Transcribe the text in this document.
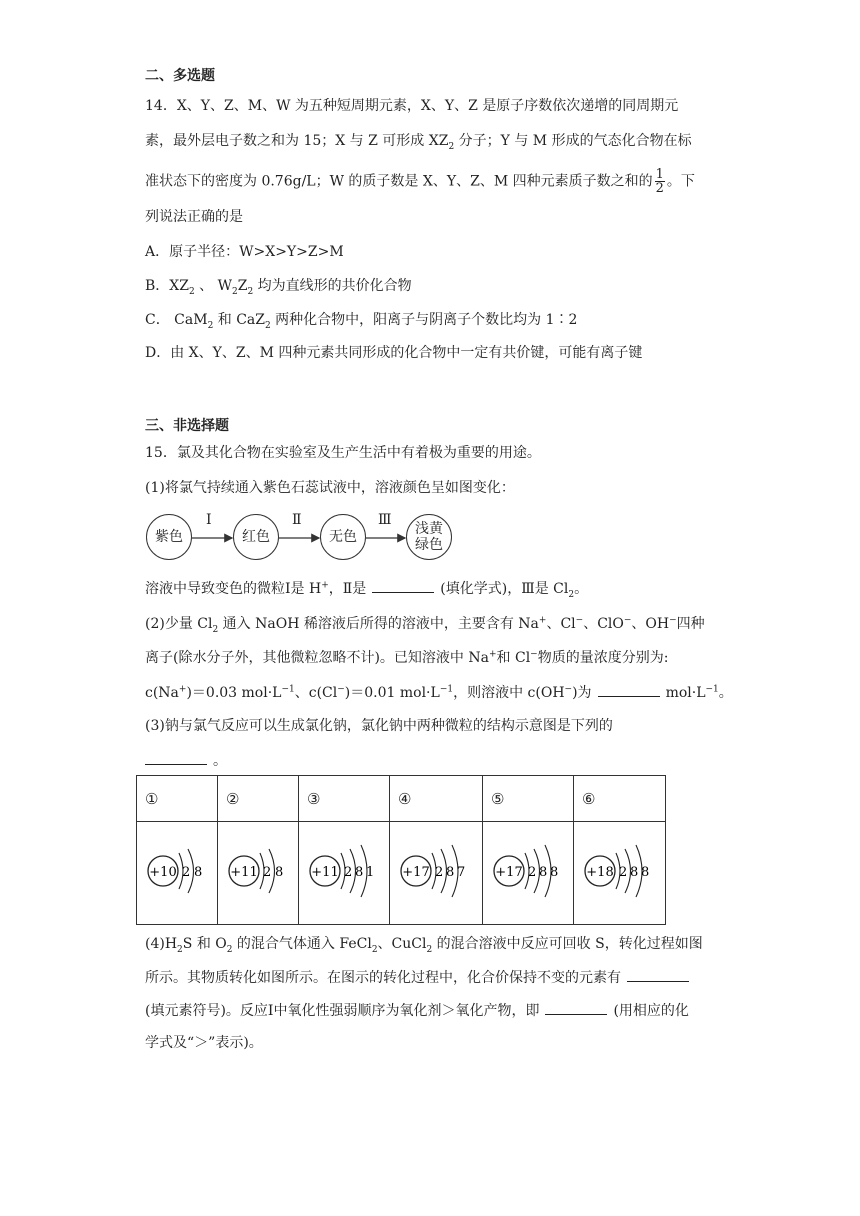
二、多选题
14．X、Y、Z、M、W 为五种短周期元素，X、Y、Z 是原子序数依次递增的同周期元
素，最外层电子数之和为 15；X 与 Z 可形成 $XZ_2$ 分子；Y 与 M 形成的气态化合物在标
准状态下的密度为 0.76g/L；W 的质子数是 X、Y、Z、M 四种元素质子数之和的 $\frac{1}{2}$ 。下
列说法正确的是
A．原子半径：W>X>Y>Z>M
B．$XZ_2$ 、 $W_2Z_2$ 均为直线形的共价化合物
C． CaM$_2$ 和 CaZ$_2$ 两种化合物中，阳离子与阴离子个数比均为 1∶2
D．由 X、Y、Z、M 四种元素共同形成的化合物中一定有共价键，可能有离子键
三、非选择题
15．氯及其化合物在实验室及生产生活中有着极为重要的用途。
(1)将氯气持续通入紫色石蕊试液中，溶液颜色呈如图变化：
紫色	红色	无色	浅黄
绿色
Ⅰ	Ⅱ	Ⅲ
溶液中导致变色的微粒Ⅰ是 H+，Ⅱ是	(填化学式)，Ⅲ是 $Cl_2$。
(2)少量 $Cl_2$ 通入 NaOH 稀溶液后所得的溶液中，主要含有 Na+、Cl−、ClO−、OH−四种
离子(除水分子外，其他微粒忽略不计)。已知溶液中 Na+和 Cl−物质的量浓度分别为:
c(Na+)＝0.03 $mol\cdot L^{-1}$、c(Cl−)＝0.01 $mol\cdot L^{-1}$，则溶液中 c(OH−)为	$mol\cdot L^{-1}$。
(3)钠与氯气反应可以生成氯化钠，氯化钠中两种微粒的结构示意图是下列的
。
①	②	③	④	⑤	⑥

+10 2 8	+11 2 8	+11 2 8 1	+17 2 8 7	+17 2 8 8	+18 2 8 8
$(4)H_2S$ 和 $O_2$ 的混合气体通入 FeCl$_2$、CuCl$_2$ 的混合溶液中反应可回收 S，转化过程如图
所示。其物质转化如图所示。在图示的转化过程中，化合价保持不变的元素有
(填元素符号)。反应Ⅰ中氧化性强弱顺序为氧化剂＞氧化产物，即	(用相应的化
学式及“＞”表示)。
